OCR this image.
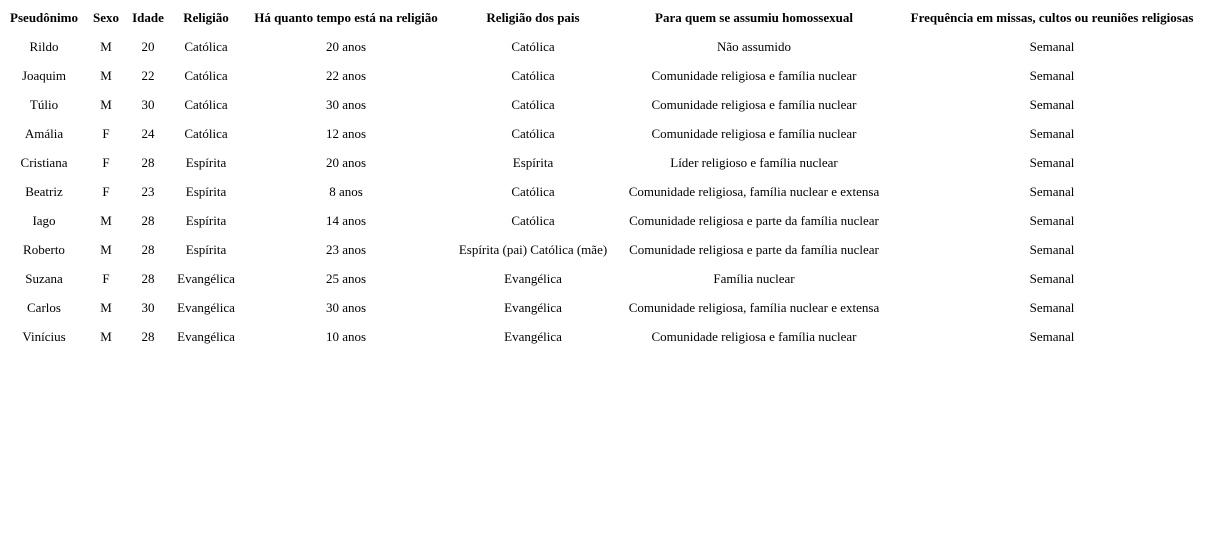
Pseudônimo	Sexo	Idade	Religião	Há quanto tempo está na religião	Religião dos pais	Para quem se assumiu homossexual	Frequência em missas, cultos ou reuniões religiosas
Rildo	M	20	Católica	20 anos	Católica	Não assumido	Semanal
Joaquim	M	22	Católica	22 anos	Católica	Comunidade religiosa e família nuclear	Semanal
Túlio	M	30	Católica	30 anos	Católica	Comunidade religiosa e família nuclear	Semanal
Amália	F	24	Católica	12 anos	Católica	Comunidade religiosa e família nuclear	Semanal
Cristiana	F	28	Espírita	20 anos	Espírita	Líder religioso e família nuclear	Semanal
Beatriz	F	23	Espírita	8 anos	Católica	Comunidade religiosa, família nuclear e extensa	Semanal
Iago	M	28	Espírita	14 anos	Católica	Comunidade religiosa e parte da família nuclear	Semanal
Roberto	M	28	Espírita	23 anos	Espírita (pai) Católica (mãe)	Comunidade religiosa e parte da família nuclear	Semanal
Suzana	F	28	Evangélica	25 anos	Evangélica	Família nuclear	Semanal
Carlos	M	30	Evangélica	30 anos	Evangélica	Comunidade religiosa, família nuclear e extensa	Semanal
Vinícius	M	28	Evangélica	10 anos	Evangélica	Comunidade religiosa e família nuclear	Semanal
